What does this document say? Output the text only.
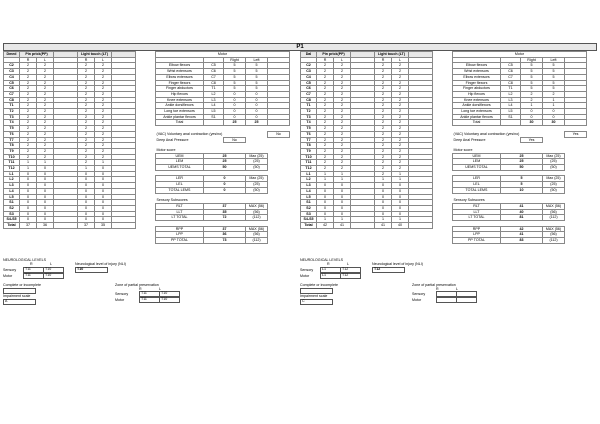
P1
Dmed	Pin prick(PP)			Light touch (LT)		
	R	L		R	L	
C2	2	2		2	2	
C3	2	2		2	2	
C4	2	2		2	2	
C5	2	2		2	2	
C6	2	2		2	2	
C7	2	2		2	2	
C8	2	2		2	2	
T1	2	2		2	2	
T2	2	2		2	2	
T3	2	2		2	2	
T4	2	2		2	2	
T5	2	2		2	2	
T6	2	2		2	2	
T7	2	2		2	2	
T8	2	2		2	2	
T9	2	2		2	2	
T10	2	2		2	2	
T11	1	1		2	1	
T12	1	0		1	0	
L1	0	0		0	0	
L2	0	0		0	0	
L3	0	0		0	0	
L4	0	0		0	0	
L5	0	0		0	0	
S1	0	0		0	0	
S2	0	0		0	0	
S3	0	0		0	0	
S4-S5	0	0		0	0	
Total	37	36		37	35	
Motor				
		Right	Left	
Elbow flexors	C5	5	5	
Wrist extensors	C6	5	5	
Elbow extensors	C7	5	5	
Finger flexors	C8	5	5	
Finger abductors	T1	5	5	
Hip flexors	L2	0	0	
Knee extensors	L3	0	0	
Ankle dorsiflexors	L4	0	0	
Long toe extensors	L5	0	0	
Ankle plantar flexors	S1	0	0	
Total		25	25	

(VAC) Voluntary anal contraction (yes/no)				No
Deep Anal Pressure		No		

Motor score				
UEM	25		Max (25)	
LEM	25		(25)	
UEMS TOTAL	50		(50)	

LER	0		Max (25)	
LEL	0		(25)	
TOTAL LEMS	0		(50)	

Sensory Subscores				
RLT	37		MAX (56)	
LLT	35		(56)	
LT TOTAL	72		(112)	

RPP	37		MAX (56)	
LPP	36		(56)	
PP TOTAL	73		(112)	

NEUROLOGICAL LEVELS
R	L	Neurological level of injury (NLI)
T10
Sensory	T11	T10
Motor	T11	T10
Complete or incomplete	Zone of partial preservation
R	L
Sensory	T11	T10
Motor	T11	T10
Impairment scale
A
Dal	Pin prick(PP)			Light touch (LT)		
	R	L		R	L	
C2	2	2		2	2	
C3	2	2		2	2	
C4	2	2		2	2	
C5	2	2		2	2	
C6	2	2		2	2	
C7	2	2		2	2	
C8	2	2		2	2	
T1	2	2		2	2	
T2	2	2		2	2	
T3	2	2		2	2	
T4	2	2		2	2	
T5	2	2		2	2	
T6	2	2		2	2	
T7	2	2		2	2	
T8	2	2		2	2	
T9	2	2		2	2	
T10	2	2		2	2	
T11	2	2		2	2	
T12	2	2		2	2	
L1	1	1		2	1	
L2	1	1		1	1	
L3	0	0		0	0	
L4	0	0		0	0	
L5	0	0		0	0	
S1	0	0		0	0	
S2	0	0		0	0	
S3	0	0		0	0	
S4-S5	1	1		1	1	
Total	42	41		41	40	
Motor				
		Right	Left	
Elbow flexors	C5	5	5	
Wrist extensors	C6	5	5	
Elbow extensors	C7	5	5	
Finger flexors	C8	5	5	
Finger abductors	T1	5	5	
Hip flexors	L2	2	2	
Knee extensors	L3	2	1	
Ankle dorsiflexors	L4	1	1	
Long toe extensors	L5	0	0	
Ankle plantar flexors	S1	0	0	
Total		30	30	

(VAC) Voluntary anal contraction (yes/no)				Yes
Deep Anal Pressure		Yes		

Motor score				
UEM	25		Max (25)	
LEM	25		(25)	
UEMS TOTAL	50		(50)	

LER	5		Max (25)	
LEL	5		(25)	
TOTAL LEMS	10		(50)	

Sensory Subscores				
RLT	41		MAX (56)	
LLT	40		(56)	
LT TOTAL	81		(112)	

RPP	42		MAX (56)	
LPP	41		(56)	
PP TOTAL	83		(112)	

NEUROLOGICAL LEVELS
R	L	Neurological level of injury (NLI)
T12
Sensory	L1	T12
Motor	L1	T12
Complete or incomplete	Zone of partial preservation
R	L
Sensory
Motor
Impairment scale
C
